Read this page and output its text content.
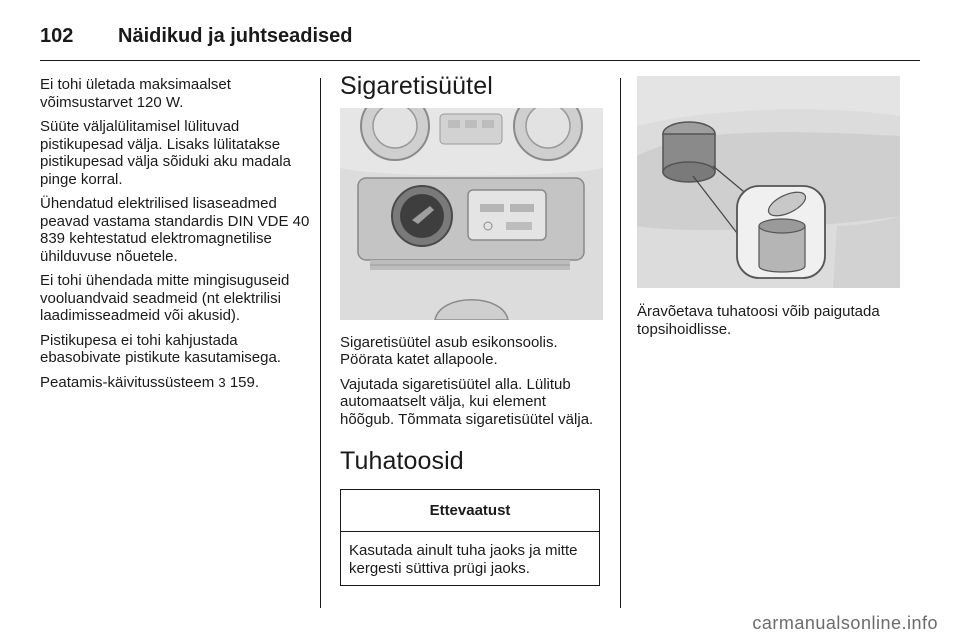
102	Näidikud ja juhtseadised

Ei tohi ületada maksimaalset võimsustarvet 120 W.

Süüte väljalülitamisel lülituvad pistikupesad välja. Lisaks lülitatakse pistikupesad välja sõiduki aku madala pinge korral.

Ühendatud elektrilised lisaseadmed peavad vastama standardis DIN VDE 40 839 kehtestatud elektromagnetilise ühilduvuse nõuetele.

Ei tohi ühendada mitte mingisuguseid vooluandvaid seadmeid (nt elektrilisi laadimisseadmeid või akusid).

Pistikupesa ei tohi kahjustada ebasobivate pistikute kasutamisega.

Peatamis-käivitussüsteem 3 159.

Sigaretisüütel

Sigaretisüütel asub esikonsoolis. Pöörata katet allapoole.

Vajutada sigaretisüütel alla. Lülitub automaatselt välja, kui element hõõgub. Tõmmata sigaretisüütel välja.

Tuhatoosid
Ettevaatust
Kasutada ainult tuha jaoks ja mitte kergesti süttiva prügi jaoks.

Äravõetava tuhatoosi võib paigutada topsihoidlisse.

carmanualsonline.info
